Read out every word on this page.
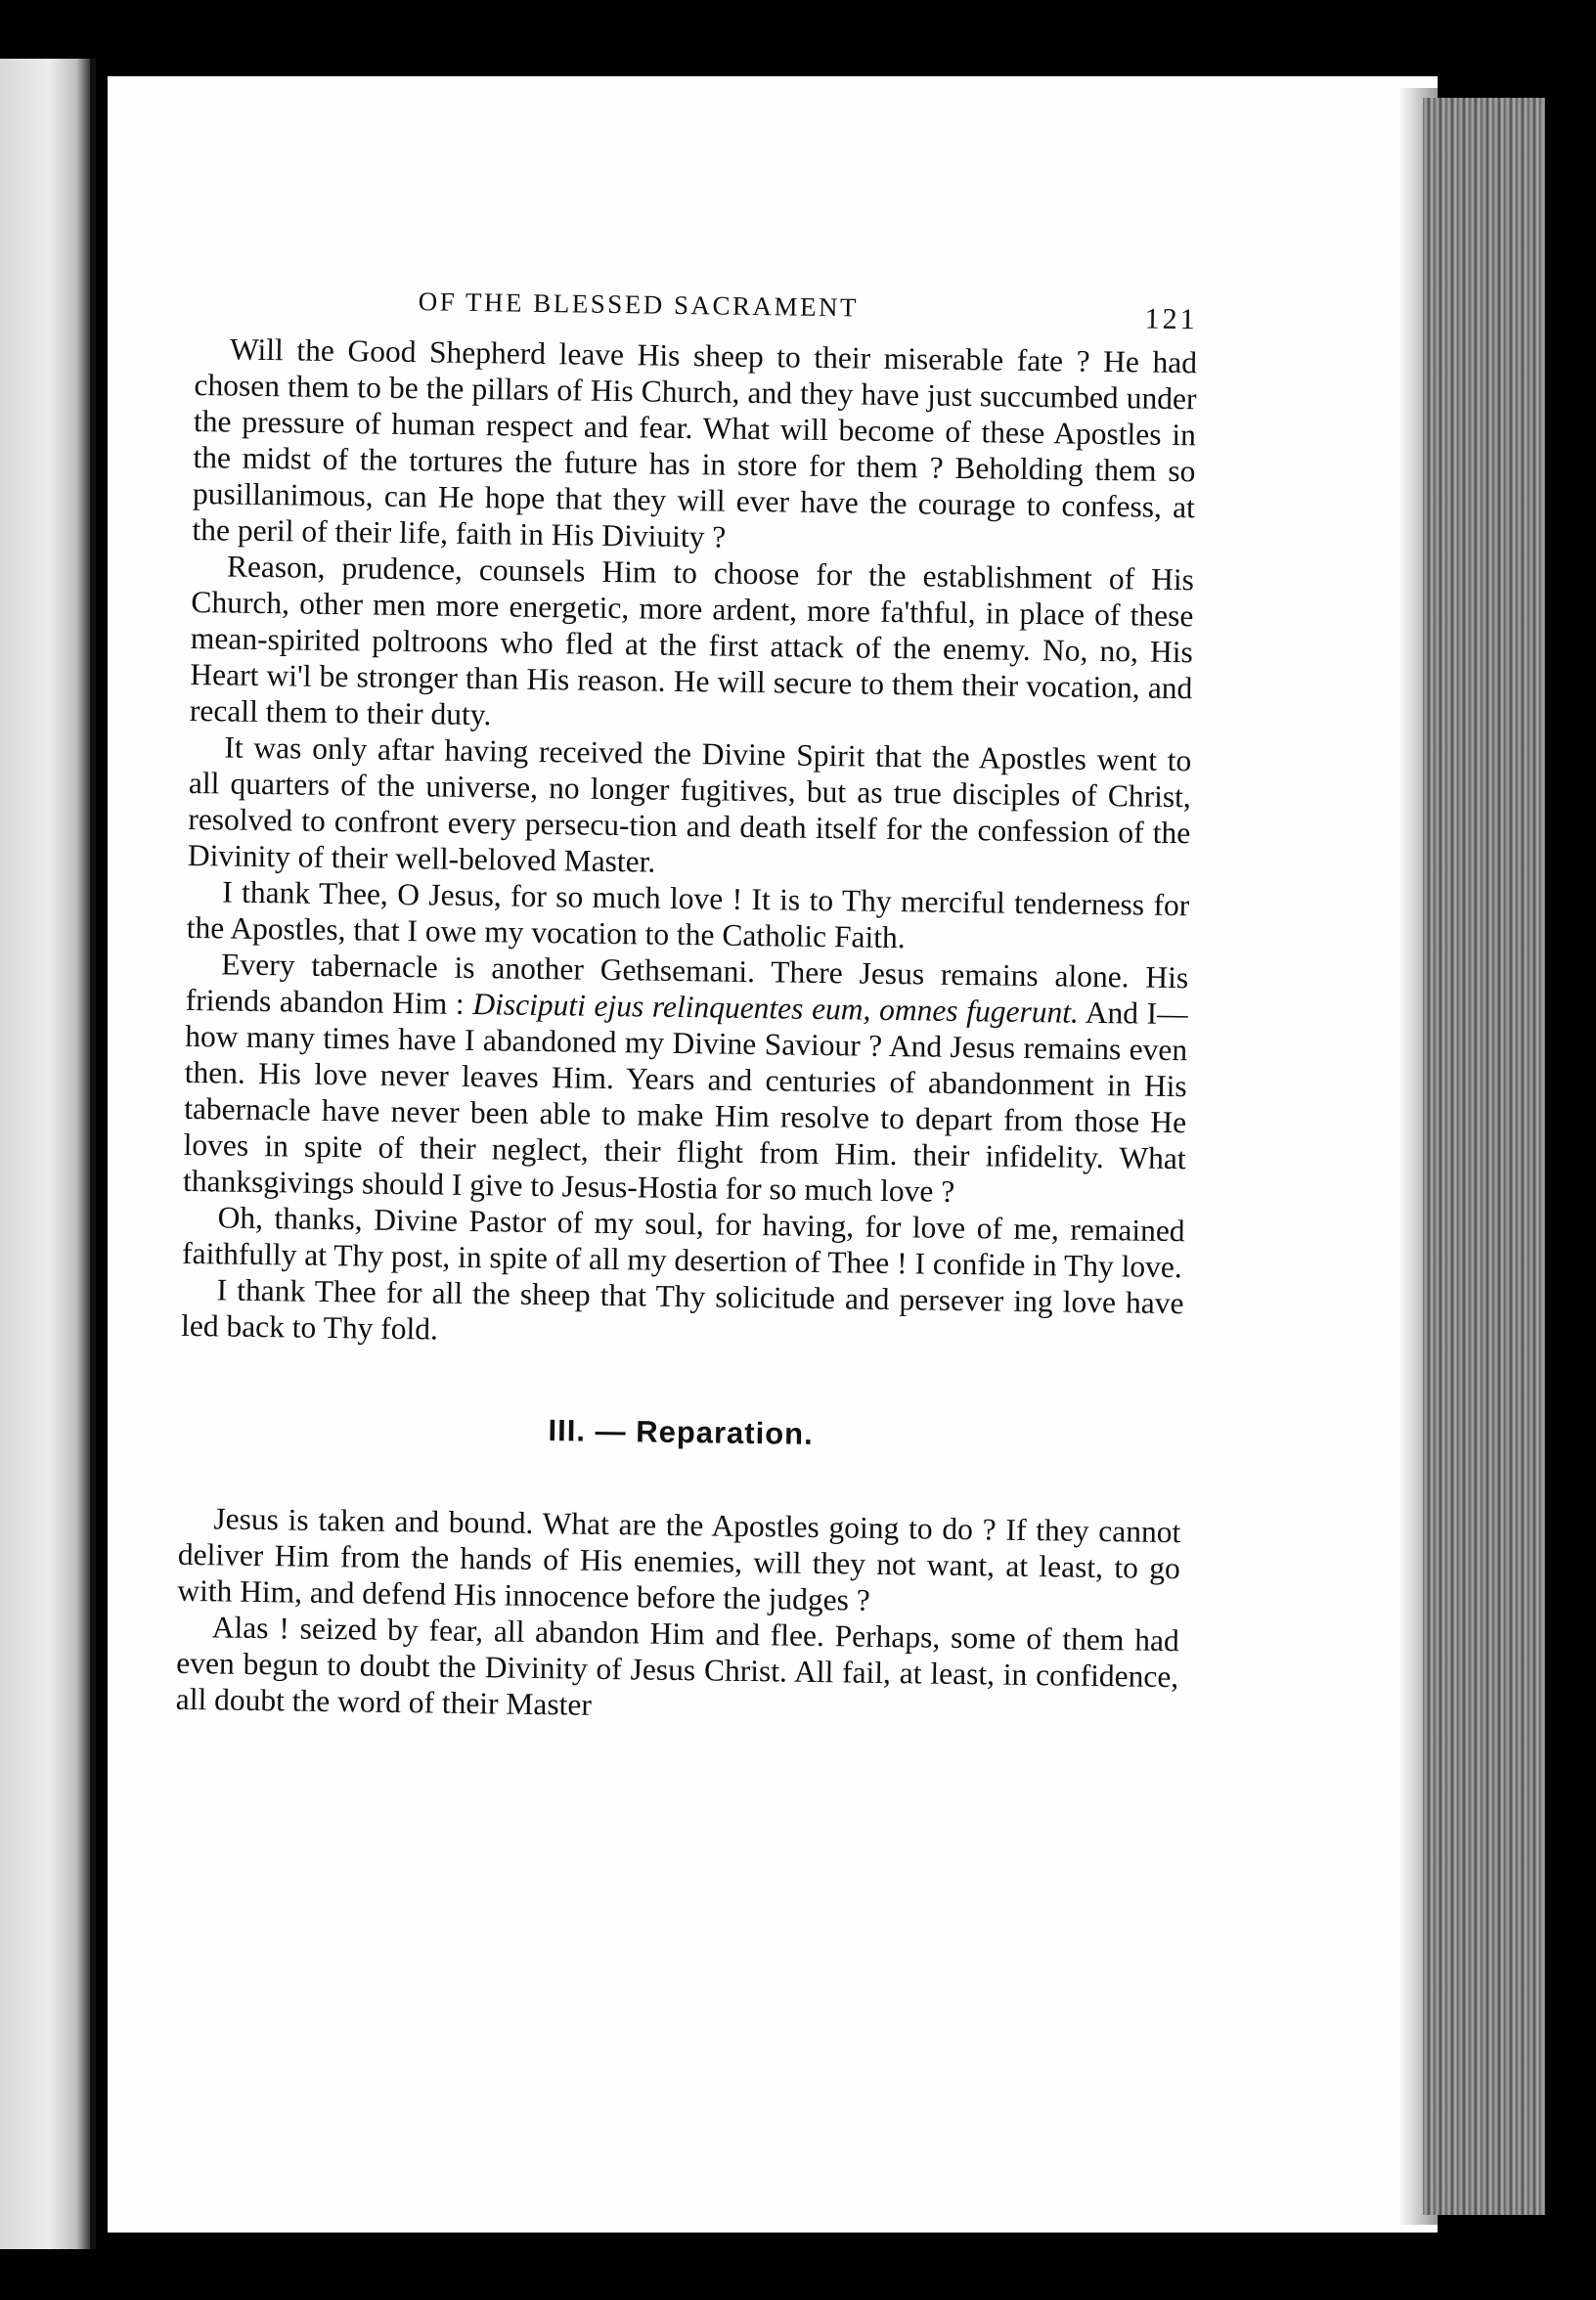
OF THE BLESSED SACRAMENT	121

Will the Good Shepherd leave His sheep to their miserable fate ? He had chosen them to be the pillars of His Church, and they have just succumbed under the pressure of human respect and fear. What will become of these Apostles in the midst of the tortures the future has in store for them ? Beholding them so pusillanimous, can He hope that they will ever have the courage to confess, at the peril of their life, faith in His Diviuity ?

Reason, prudence, counsels Him to choose for the establishment of His Church, other men more energetic, more ardent, more fa'thful, in place of these mean-spirited poltroons who fled at the first attack of the enemy. No, no, His Heart wi'l be stronger than His reason. He will secure to them their vocation, and recall them to their duty.

It was only aftar having received the Divine Spirit that the Apostles went to all quarters of the universe, no longer fugitives, but as true disciples of Christ, resolved to confront every persecu-tion and death itself for the confession of the Divinity of their well-beloved Master.

I thank Thee, O Jesus, for so much love ! It is to Thy merciful tenderness for the Apostles, that I owe my vocation to the Catholic Faith.

Every tabernacle is another Gethsemani. There Jesus remains alone. His friends abandon Him : Disciputi ejus relinquentes eum, omnes fugerunt. And I—how many times have I abandoned my Divine Saviour ? And Jesus remains even then. His love never leaves Him. Years and centuries of abandonment in His tabernacle have never been able to make Him resolve to depart from those He loves in spite of their neglect, their flight from Him. their infidelity. What thanksgivings should I give to Jesus-Hostia for so much love ?

Oh, thanks, Divine Pastor of my soul, for having, for love of me, remained faithfully at Thy post, in spite of all my desertion of Thee ! I confide in Thy love.

I thank Thee for all the sheep that Thy solicitude and persever ing love have led back to Thy fold.

III. — Reparation.

Jesus is taken and bound. What are the Apostles going to do ? If they cannot deliver Him from the hands of His enemies, will they not want, at least, to go with Him, and defend His innocence before the judges ?

Alas ! seized by fear, all abandon Him and flee. Perhaps, some of them had even begun to doubt the Divinity of Jesus Christ. All fail, at least, in confidence, all doubt the word of their Master
